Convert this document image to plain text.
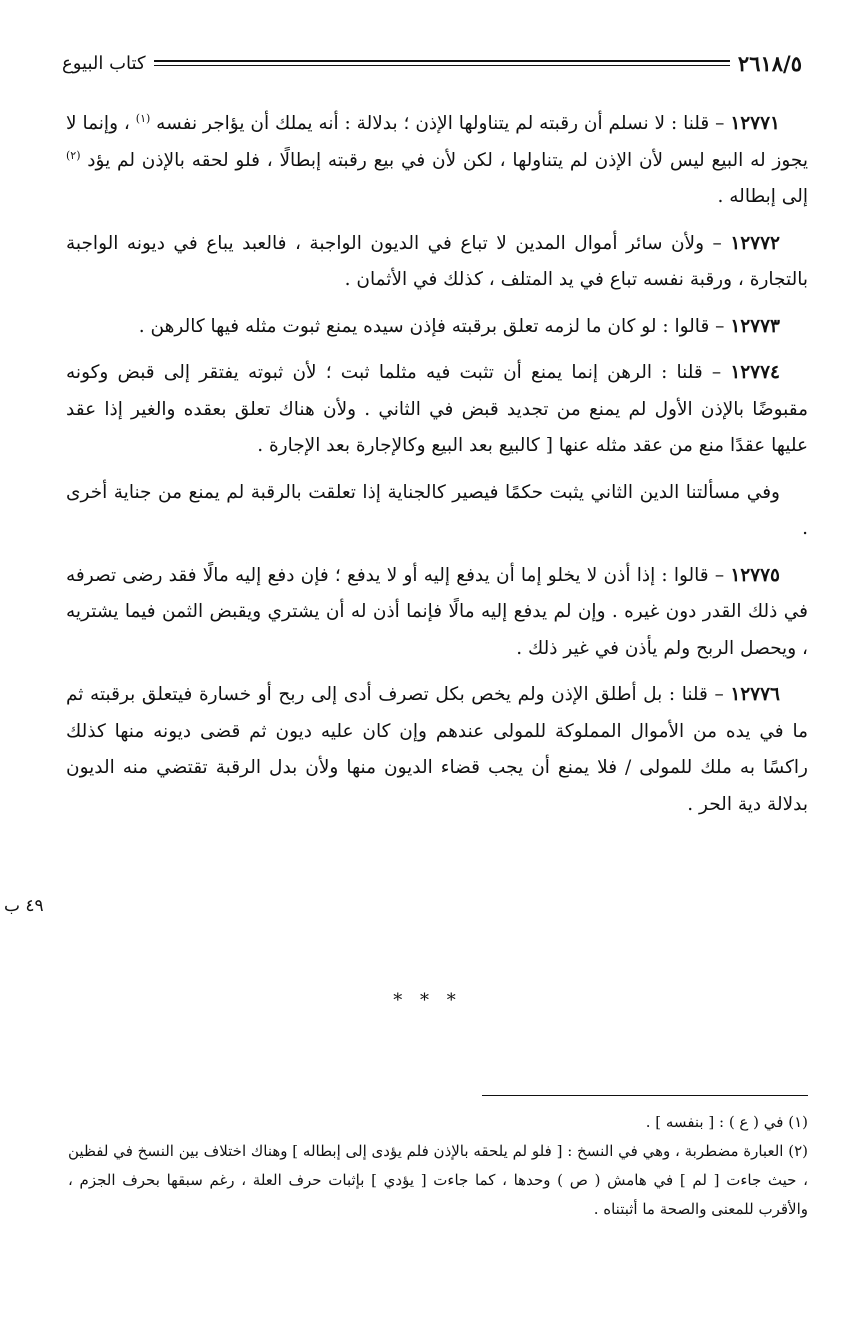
٢٦١٨/٥
كتاب البيوع

١٢٧٧١ – قلنا : لا نسلم أن رقبته لم يتناولها الإذن ؛ بدلالة : أنه يملك أن يؤاجر نفسه $^{(١)}$ ، وإنما لا يجوز له البيع ليس لأن الإذن لم يتناولها ، لكن لأن في بيع رقبته إبطالًا ، فلو لحقه بالإذن لم يؤد $^{(٢)}$ إلى إبطاله .

١٢٧٧٢ – ولأن سائر أموال المدين لا تباع في الديون الواجبة ، فالعبد يباع في ديونه الواجبة بالتجارة ، ورقبة نفسه تباع في يد المتلف ، كذلك في الأثمان .

١٢٧٧٣ – قالوا : لو كان ما لزمه تعلق برقبته فإذن سيده يمنع ثبوت مثله فيها كالرهن .

١٢٧٧٤ – قلنا : الرهن إنما يمنع أن تثبت فيه مثلما ثبت ؛ لأن ثبوته يفتقر إلى قبض وكونه مقبوضًا بالإذن الأول لم يمنع من تجديد قبض في الثاني . ولأن هناك تعلق بعقده والغير إذا عقد عليها عقدًا منع من عقد مثله عنها [ كالبيع بعد البيع وكالإجارة بعد الإجارة .

وفي مسألتنا الدين الثاني يثبت حكمًا فيصير كالجناية إذا تعلقت بالرقبة لم يمنع من جناية أخرى .

١٢٧٧٥ – قالوا : إذا أذن لا يخلو إما أن يدفع إليه أو لا يدفع ؛ فإن دفع إليه مالًا فقد رضى تصرفه في ذلك القدر دون غيره . وإن لم يدفع إليه مالًا فإنما أذن له أن يشتري ويقبض الثمن فيما يشتريه ، ويحصل الربح ولم يأذن في غير ذلك .

١٢٧٧٦ – قلنا : بل أطلق الإذن ولم يخص بكل تصرف أدى إلى ربح أو خسارة فيتعلق برقبته ثم ما في يده من الأموال المملوكة للمولى عندهم وإن كان عليه ديون ثم قضى ديونه منها كذلك راكسًا به ملك للمولى / فلا يمنع أن يجب قضاء الديون منها ولأن بدل الرقبة تقتضي منه الديون بدلالة دية الحر .

٤٩ ب
* * *

(١) في ( ع ) : [ بنفسه ] .

(٢) العبارة مضطربة ، وهي في النسخ : [ فلو لم يلحقه بالإذن فلم يؤدى إلى إبطاله ] وهناك اختلاف بين النسخ في لفظين ، حيث جاءت [ لم ] في هامش ( ص ) وحدها ، كما جاءت [ يؤدي ] بإثبات حرف العلة ، رغم سبقها بحرف الجزم ، والأقرب للمعنى والصحة ما أثبتناه .
